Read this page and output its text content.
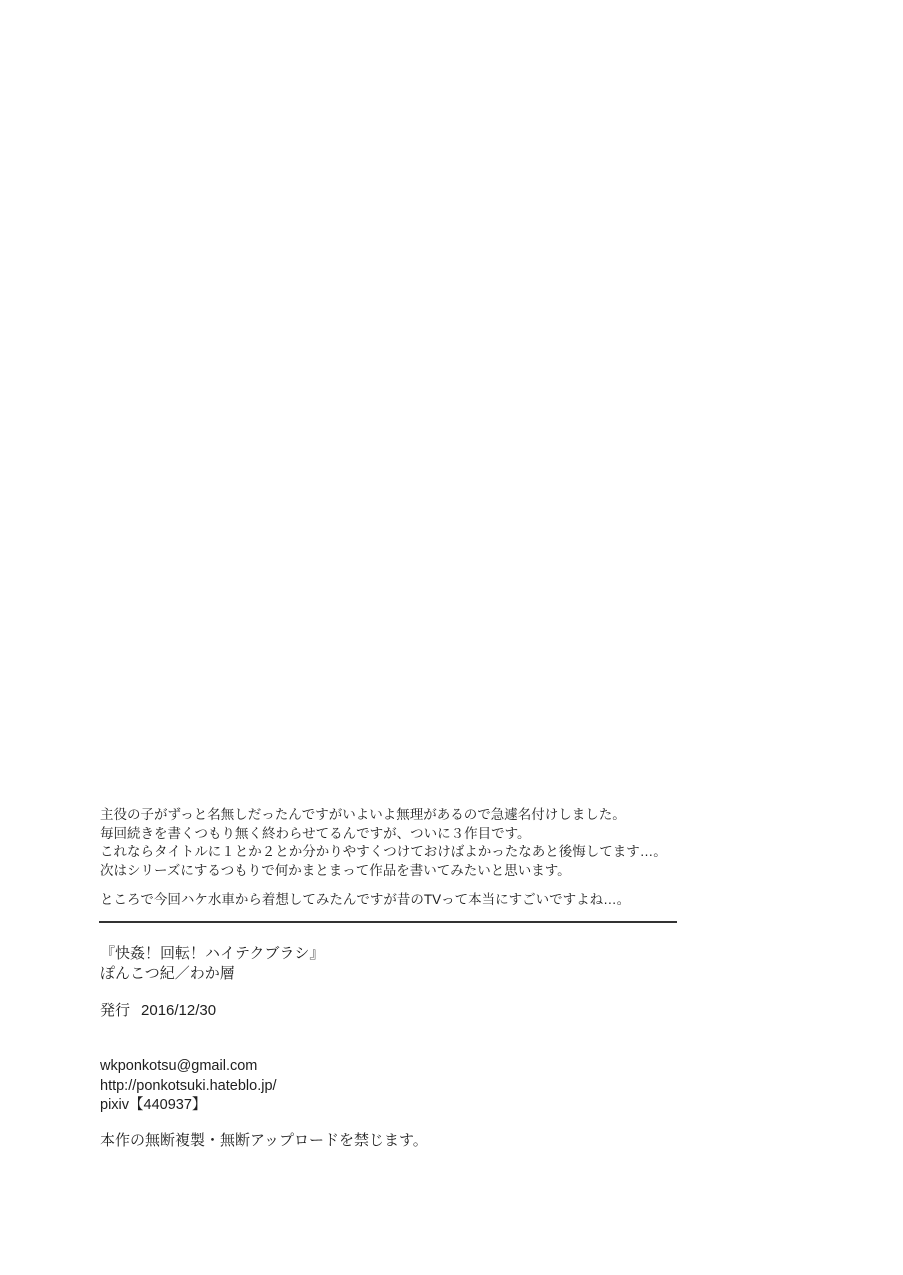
主役の子がずっと名無しだったんですがいよいよ無理があるので急遽名付けしました。
毎回続きを書くつもり無く終わらせてるんですが、ついに３作目です。
これならタイトルに１とか２とか分かりやすくつけておけばよかったなあと後悔してます…。
次はシリーズにするつもりで何かまとまって作品を書いてみたいと思います。
ところで今回ハケ水車から着想してみたんですが昔のTVって本当にすごいですよね…。
『快姦！回転！ハイテクブラシ』
ぽんこつ紀／わか層
発行 2016/12/30
wkponkotsu@gmail.com
http://ponkotsuki.hateblo.jp/
pixiv【440937】
本作の無断複製・無断アップロードを禁じます。
